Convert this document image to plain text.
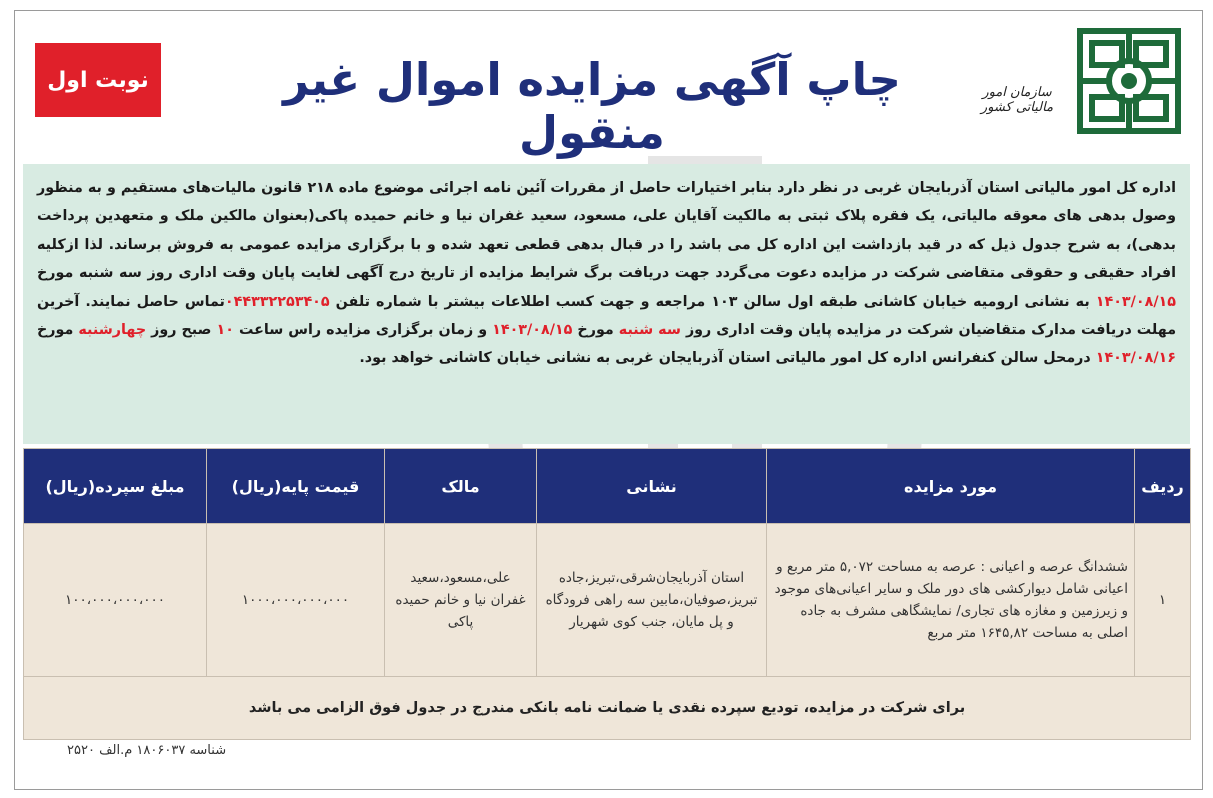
سازمان امور مالیاتی کشور
چاپ آگهی مزایده اموال غیر منقول
نوبت اول

اداره کل امور مالیاتی استان آذربایجان غربی در نظر دارد بنابر اختیارات حاصل از مقررات آئین نامه اجرائی موضوع ماده ۲۱۸ قانون مالیات‌های مستقیم و به منظور وصول بدهی های معوقه مالیاتی، یک فقره پلاک ثبتی به مالکیت آقایان علی، مسعود، سعید غفران نیا و خانم حمیده پاکی(بعنوان مالکین ملک و متعهدین پرداخت بدهی)، به شرح جدول ذیل که در قید بازداشت این اداره کل می باشد را در قبال بدهی قطعی تعهد شده و با برگزاری مزایده عمومی به فروش برساند. لذا ازکلیه افراد حقیقی و حقوقی متقاضی شرکت در مزایده دعوت می‌گردد جهت دریافت برگ شرایط مزایده از تاریخ درج آگهی لغایت پایان وقت اداری روز سه شنبه مورخ ۱۴۰۳/۰۸/۱۵ به نشانی ارومیه خیابان کاشانی طبقه اول سالن ۱۰۳ مراجعه و جهت کسب اطلاعات بیشتر با شماره تلفن ۰۴۴۳۳۲۲۵۳۴۰۵تماس حاصل نمایند. آخرین مهلت دریافت مدارک متقاضیان شرکت در مزایده پایان وقت اداری روز سه شنبه مورخ ۱۴۰۳/۰۸/۱۵ و زمان برگزاری مزایده راس ساعت ۱۰ صبح روز چهارشنبه مورخ ۱۴۰۳/۰۸/۱۶ درمحل سالن کنفرانس اداره کل امور مالیاتی استان آذربایجان غربی به نشانی خیابان کاشانی خواهد بود.

ردیف	مورد مزایده	نشانی	مالک	قیمت پایه(ریال)	مبلغ سپرده(ریال)
۱	ششدانگ عرصه و اعیانی : عرصه به مساحت ۵,۰۷۲ متر مربع و اعیانی شامل دیوارکشی های دور ملک و سایر اعیانی‌های موجود و زیرزمین و مغازه های تجاری/ نمایشگاهی مشرف به جاده اصلی به مساحت ۱۶۴۵,۸۲ متر مربع	استان آذربایجان‌شرقی،تبریز،جاده تبریز،صوفیان،مابین سه راهی فرودگاه و پل مایان، جنب کوی شهریار	علی،مسعود،سعید غفران نیا و خانم حمیده پاکی	۱۰۰۰،۰۰۰،۰۰۰،۰۰۰	۱۰۰،۰۰۰،۰۰۰،۰۰۰
برای شرکت در مزایده، تودیع سپرده نقدی یا ضمانت نامه بانکی مندرج در جدول فوق الزامی می باشد					
شناسه ۱۸۰۶۰۳۷ م.الف ۲۵۲۰
